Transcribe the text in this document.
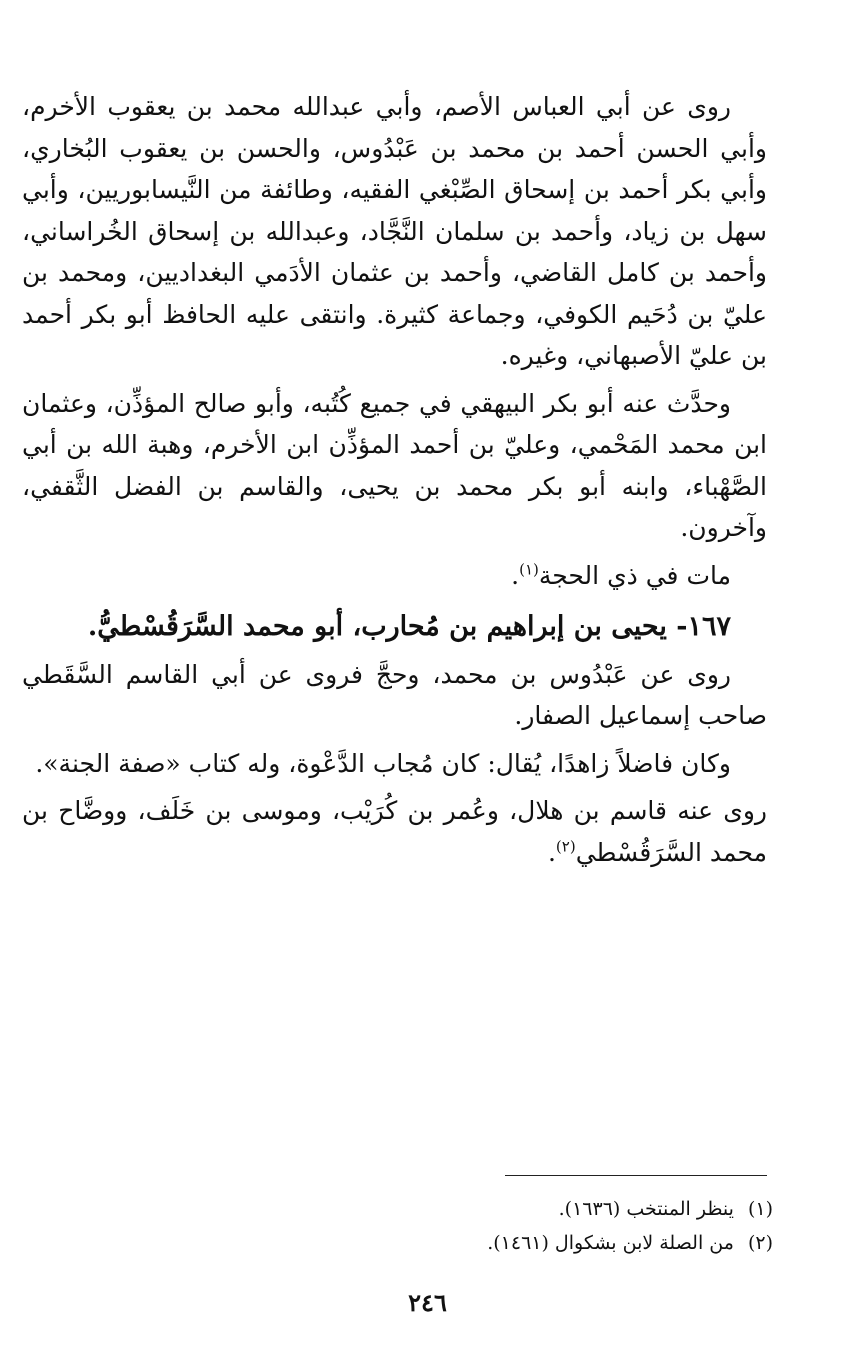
روى عن أبي العباس الأصم، وأبي عبدالله محمد بن يعقوب الأخرم، وأبي الحسن أحمد بن محمد بن عَبْدُوس، والحسن بن يعقوب البُخاري، وأبي بكر أحمد بن إسحاق الصِّبْغي الفقيه، وطائفة من النَّيسابوريين، وأبي سهل بن زياد، وأحمد بن سلمان النَّجَّاد، وعبدالله بن إسحاق الخُراساني، وأحمد بن كامل القاضي، وأحمد بن عثمان الأدَمي البغداديين، ومحمد بن عليّ بن دُحَيم الكوفي، وجماعة كثيرة. وانتقى عليه الحافظ أبو بكر أحمد بن عليّ الأصبهاني، وغيره.

وحدَّث عنه أبو بكر البيهقي في جميع كُتُبه، وأبو صالح المؤذِّن، وعثمان ابن محمد المَحْمي، وعليّ بن أحمد المؤذِّن ابن الأخرم، وهبة الله بن أبي الصَّهْباء، وابنه أبو بكر محمد بن يحيى، والقاسم بن الفضل الثَّقفي، وآخرون.

مات في ذي الحجة$^{(١)}$.

١٦٧- يحيى بن إبراهيم بن مُحارب، أبو محمد السَّرَقُسْطيُّ.

روى عن عَبْدُوس بن محمد، وحجَّ فروى عن أبي القاسم السَّقَطي صاحب إسماعيل الصفار.

وكان فاضلاً زاهدًا، يُقال: كان مُجاب الدَّعْوة، وله كتاب «صفة الجنة».

روى عنه قاسم بن هلال، وعُمر بن كُرَيْب، وموسى بن خَلَف، ووضَّاح بن محمد السَّرَقُسْطي$^{(٢)}$.

(١)ينظر المنتخب (١٦٣٦).

(٢)من الصلة لابن بشكوال (١٤٦١).

٢٤٦
